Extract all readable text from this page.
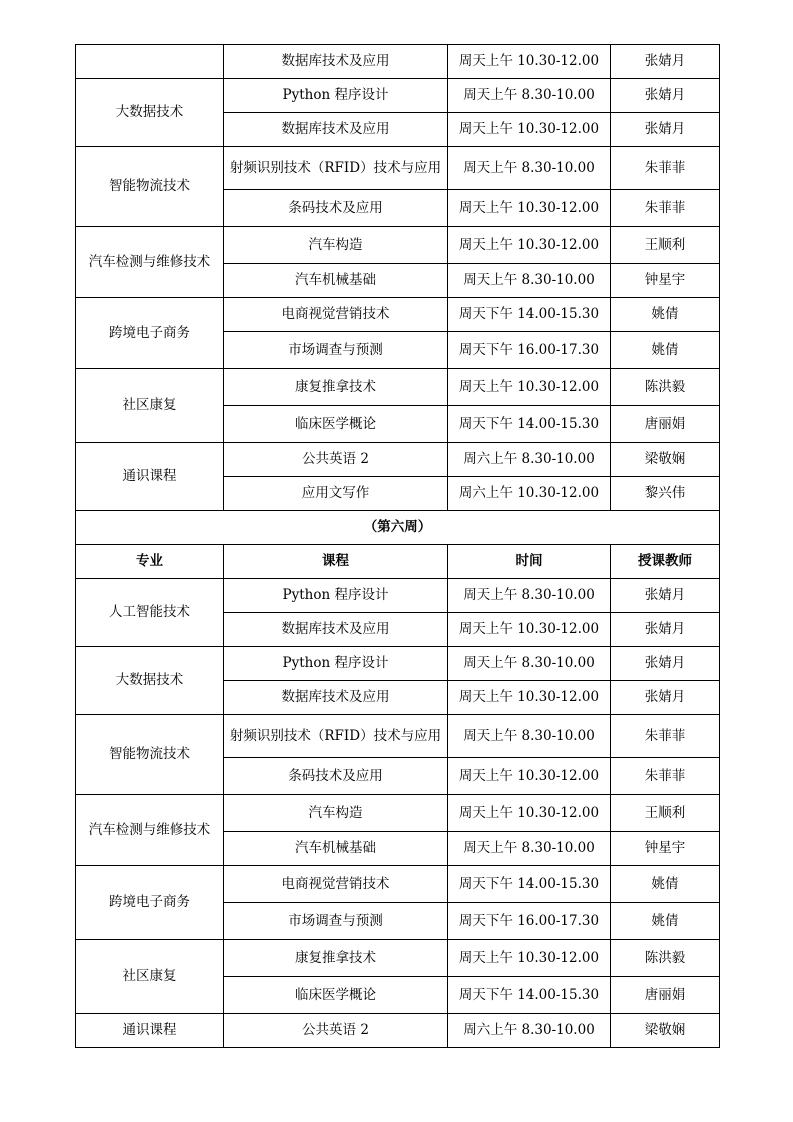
	数据库技术及应用	周天上午 10.30-12.00	张婧月
大数据技术	Python 程序设计	周天上午 8.30-10.00	张婧月
	数据库技术及应用	周天上午 10.30-12.00	张婧月
智能物流技术	射频识别技术（RFID）技术与应用	周天上午 8.30-10.00	朱菲菲
	条码技术及应用	周天上午 10.30-12.00	朱菲菲
汽车检测与维修技术	汽车构造	周天上午 10.30-12.00	王顺利
	汽车机械基础	周天上午 8.30-10.00	钟星宇
跨境电子商务	电商视觉营销技术	周天下午 14.00-15.30	姚倩
	市场调查与预测	周天下午 16.00-17.30	姚倩
社区康复	康复推拿技术	周天上午 10.30-12.00	陈洪毅
	临床医学概论	周天下午 14.00-15.30	唐丽娟
通识课程	公共英语 2	周六上午 8.30-10.00	梁敬娴
	应用文写作	周六上午 10.30-12.00	黎兴伟
（第六周）			
专业	课程	时间	授课教师
人工智能技术	Python 程序设计	周天上午 8.30-10.00	张婧月
	数据库技术及应用	周天上午 10.30-12.00	张婧月
大数据技术	Python 程序设计	周天上午 8.30-10.00	张婧月
	数据库技术及应用	周天上午 10.30-12.00	张婧月
智能物流技术	射频识别技术（RFID）技术与应用	周天上午 8.30-10.00	朱菲菲
	条码技术及应用	周天上午 10.30-12.00	朱菲菲
汽车检测与维修技术	汽车构造	周天上午 10.30-12.00	王顺利
	汽车机械基础	周天上午 8.30-10.00	钟星宇
跨境电子商务	电商视觉营销技术	周天下午 14.00-15.30	姚倩
	市场调查与预测	周天下午 16.00-17.30	姚倩
社区康复	康复推拿技术	周天上午 10.30-12.00	陈洪毅
	临床医学概论	周天下午 14.00-15.30	唐丽娟
通识课程	公共英语 2	周六上午 8.30-10.00	梁敬娴
